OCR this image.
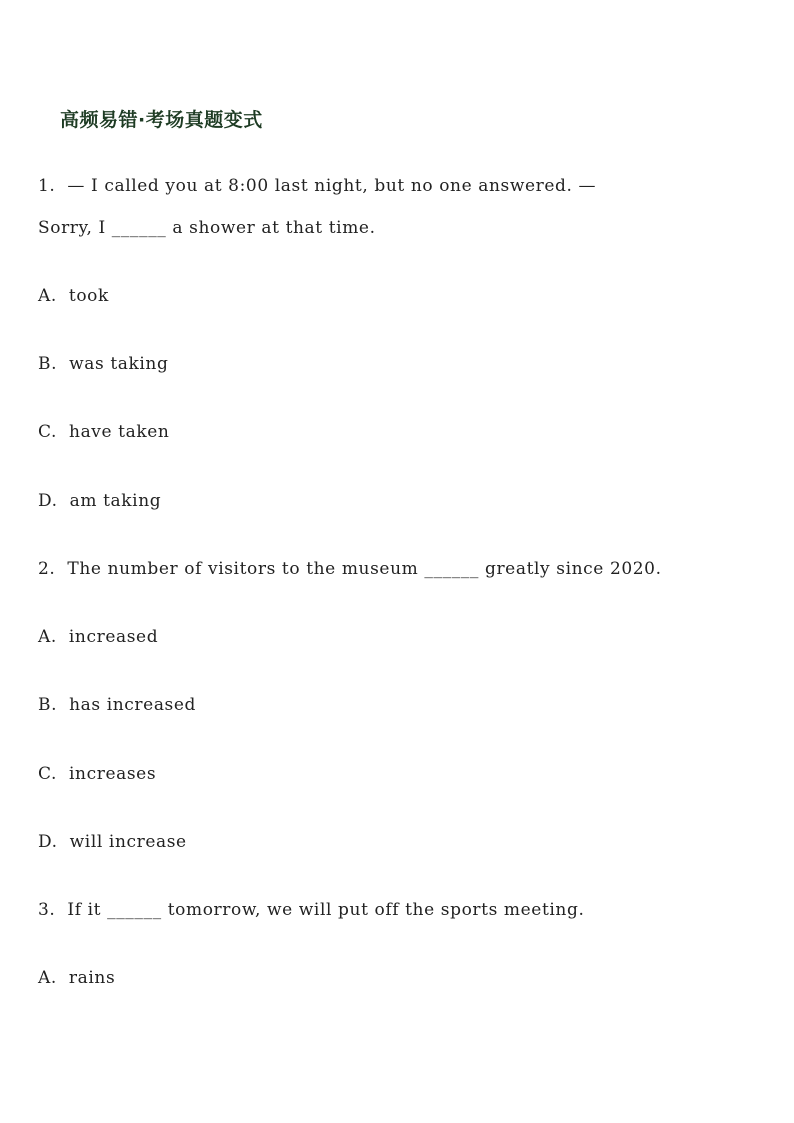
高频易错·考场真题变式
1. — I called you at 8:00 last night, but no one answered. —
Sorry, I ______ a shower at that time.
A. took
B. was taking
C. have taken
D. am taking
2. The number of visitors to the museum ______ greatly since 2020.
A. increased
B. has increased
C. increases
D. will increase
3. If it ______ tomorrow, we will put off the sports meeting.
A. rains
